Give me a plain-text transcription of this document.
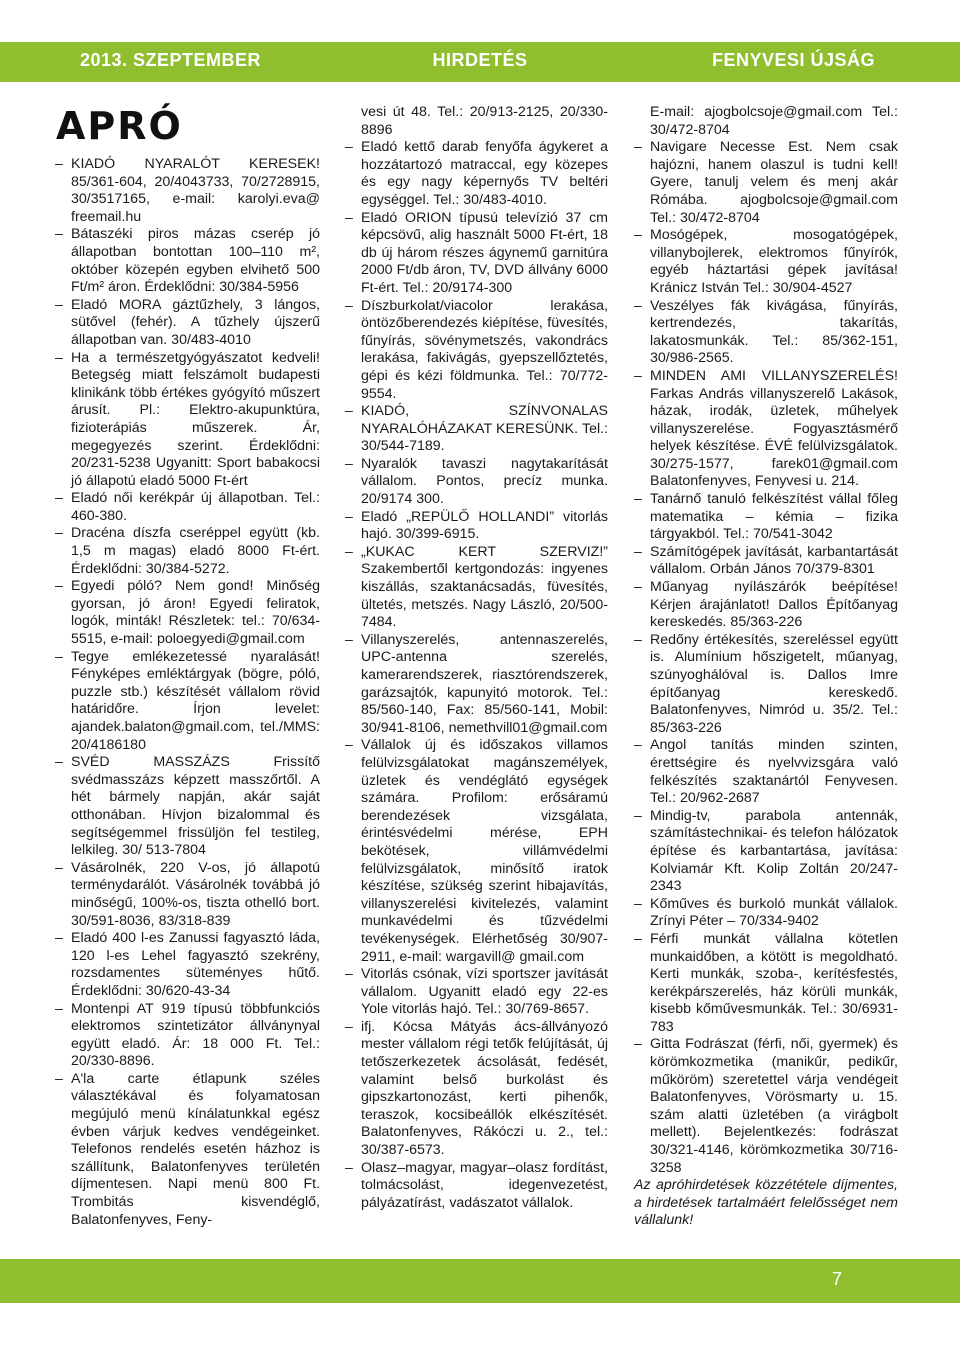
2013. SZEPTEMBER	HIRDETÉS	FENYVESI ÚJSÁG
APRÓ
– KIADÓ NYARALÓT KERESEK! 85/361-604, 20/4043733, 70/2728915, 30/3517165, e-mail: karolyi.eva@ freemail.hu
– Bátaszéki piros mázas cserép jó állapotban bontottan 100–110 m², október közepén egyben elvihető 500 Ft/m² áron. Érdeklődni: 30/384-5956
– Eladó MORA gáztűzhely, 3 lángos, sütővel (fehér). A tűzhely újszerű állapotban van. 30/483-4010
– Ha a természetgyógyászatot kedveli! Betegség miatt felszámolt budapesti klinikánk több értékes gyógyító műszert árusít. Pl.: Elektro-akupunktúra, fizioterápiás műszerek. Ár, megegyezés szerint. Érdeklődni: 20/231-5238 Ugyanitt: Sport babakocsi jó állapotú eladó 5000 Ft-ért
– Eladó női kerékpár új állapotban. Tel.: 460-380.
– Dracéna díszfa cseréppel együtt (kb. 1,5 m magas) eladó 8000 Ft-ért. Érdeklődni: 30/384-5272.
– Egyedi póló? Nem gond! Minőség gyorsan, jó áron! Egyedi feliratok, logók, minták! Részletek: tel.: 70/634-5515, e-mail: poloegyedi@gmail.com
– Tegye emlékezetessé nyaralását! Fényképes emléktárgyak (bögre, póló, puzzle stb.) készítését vállalom rövid határidőre. Írjon levelet: ajandek.balaton@gmail.com, tel./MMS: 20/4186180
– SVÉD MASSZÁZS Frissítő svédmasszázs képzett masszőrtől. A hét bármely napján, akár saját otthonában. Hívjon bizalommal és segítségemmel frissüljön fel testileg, lelkileg. 30/ 513-7804
– Vásárolnék, 220 V-os, jó állapotú terménydarálót. Vásárolnék továbbá jó minőségű, 100%-os, tiszta othelló bort. 30/591-8036, 83/318-839
– Eladó 400 l-es Zanussi fagyasztó láda, 120 l-es Lehel fagyasztó szekrény, rozsdamentes süteményes hűtő. Érdeklődni: 30/620-43-34
– Montenpi AT 919 típusú többfunkciós elektromos szintetizátor állványnyal együtt eladó. Ár: 18 000 Ft. Tel.: 20/330-8896.
– A'la carte étlapunk széles választékával és folyamatosan megújuló menü kínálatunkkal egész évben várjuk kedves vendégeinket. Telefonos rendelés esetén házhoz is szállítunk, Balatonfenyves területén díjmentesen. Napi menü 800 Ft. Trombitás kisvendéglő, Balatonfenyves, Feny-
vesi út 48. Tel.: 20/913-2125, 20/330-8896
– Eladó kettő darab fenyőfa ágykeret a hozzátartozó matraccal, egy közepes és egy nagy képernyős TV beltéri egységgel. Tel.: 30/483-4010.
– Eladó ORION típusú televízió 37 cm képcsövű, alig használt 5000 Ft-ért, 18 db új három részes ágynemű garnitúra 2000 Ft/db áron, TV, DVD állvány 6000 Ft-ért. Tel.: 20/9174-300
– Díszburkolat/viacolor lerakása, öntözőberendezés kiépítése, füvesítés, fűnyírás, sövénymetszés, vakondrács lerakása, fakivágás, gyepszellőztetés, gépi és kézi földmunka. Tel.: 70/772-9554.
– KIADÓ, SZÍNVONALAS NYARALÓHÁZAKAT KERESÜNK. Tel.: 30/544-7189.
– Nyaralók tavaszi nagytakarítását vállalom. Pontos, precíz munka. 20/9174 300.
– Eladó „REPÜLŐ HOLLANDI” vitorlás hajó. 30/399-6915.
– „KUKAC KERT SZERVIZ!” Szakembertől kertgondozás: ingyenes kiszállás, szaktanácsadás, füvesítés, ültetés, metszés. Nagy László, 20/500-7484.
– Villanyszerelés, antennaszerelés, UPC-antenna szerelés, kamerarendszerek, riasztórendszerek, garázsajtók, kapunyitó motorok. Tel.: 85/560-140, Fax: 85/560-141, Mobil: 30/941-8106, nemethvill01@gmail.com
– Vállalok új és időszakos villamos felülvizsgálatokat magánszemélyek, üzletek és vendéglátó egységek számára. Profilom: erősáramú berendezések vizsgálata, érintésvédelmi mérése, EPH bekötések, villámvédelmi felülvizsgálatok, minősítő iratok készítése, szükség szerint hibajavítás, villanyszerelési kivitelezés, valamint munkavédelmi és tűzvédelmi tevékenységek. Elérhetőség 30/907-2911, e-mail: wargavill@ gmail.com
– Vitorlás csónak, vízi sportszer javítását vállalom. Ugyanitt eladó egy 22-es Yole vitorlás hajó. Tel.: 30/769-8657.
– ifj. Kócsa Mátyás ács-állványozó mester vállalom régi tetők felújítását, új tetőszerkezetek ácsolását, fedését, valamint belső burkolást és gipszkartonozást, kerti pihenők, teraszok, kocsibeállók elkészítését. Balatonfenyves, Rákóczi u. 2., tel.: 30/387-6573.
– Olasz–magyar, magyar–olasz fordítást, tolmácsolást, idegenvezetést, pályázatírást, vadászatot vállalok.
E-mail: ajogbolcsoje@gmail.com Tel.: 30/472-8704
– Navigare Necesse Est. Nem csak hajózni, hanem olaszul is tudni kell! Gyere, tanulj velem és menj akár Rómába. ajogbolcsoje@gmail.com Tel.: 30/472-8704
– Mosógépek, mosogatógépek, villanybojlerek, elektromos fűnyírók, egyéb háztartási gépek javítása! Kránicz István Tel.: 30/904-4527
– Veszélyes fák kivágása, fűnyírás, kertrendezés, takarítás, lakatosmunkák. Tel.: 85/362-151, 30/986-2565.
– MINDEN AMI VILLANYSZERELÉS! Farkas András villanyszerelő Lakások, házak, irodák, üzletek, műhelyek villanyszerelése. Fogyasztásmérő helyek készítése. ÉVÉ felülvizsgálatok. 30/275-1577, farek01@gmail.com Balatonfenyves, Fenyvesi u. 214.
– Tanárnő tanuló felkészítést vállal főleg matematika – kémia – fizika tárgyakból. Tel.: 70/541-3042
– Számítógépek javítását, karbantartását vállalom. Orbán János 70/379-8301
– Műanyag nyílászárók beépítése! Kérjen árajánlatot! Dallos Építőanyag kereskedés. 85/363-226
– Redőny értékesítés, szereléssel együtt is. Alumínium hőszigetelt, műanyag, szúnyoghálóval is. Dallos Imre építőanyag kereskedő. Balatonfenyves, Nimród u. 35/2. Tel.: 85/363-226
– Angol tanítás minden szinten, érettségire és nyelvvizsgára való felkészítés szaktanártól Fenyvesen. Tel.: 20/962-2687
– Mindig-tv, parabola antennák, számítástechnikai- és telefon hálózatok építése és karbantartása, javítása: Kolviamár Kft. Kolip Zoltán 20/247-2343
– Kőműves és burkoló munkát vállalok. Zrínyi Péter – 70/334-9402
– Férfi munkát vállalna kötetlen munkaidőben, a kötött is megoldható. Kerti munkák, szoba-, kerítésfestés, kerékpárszerelés, ház körüli munkák, kisebb kőművesmunkák. Tel.: 30/6931-783
– Gitta Fodrászat (férfi, női, gyermek) és körömkozmetika (manikűr, pedikűr, műköröm) szeretettel várja vendégeit Balatonfenyves, Vörösmarty u. 15. szám alatti üzletében (a virágbolt mellett). Bejelentkezés: fodrászat 30/321-4146, körömkozmetika 30/716-3258

Az apróhirdetések közzététele díjmentes, a hirdetések tartalmáért felelősséget nem vállalunk!

7
